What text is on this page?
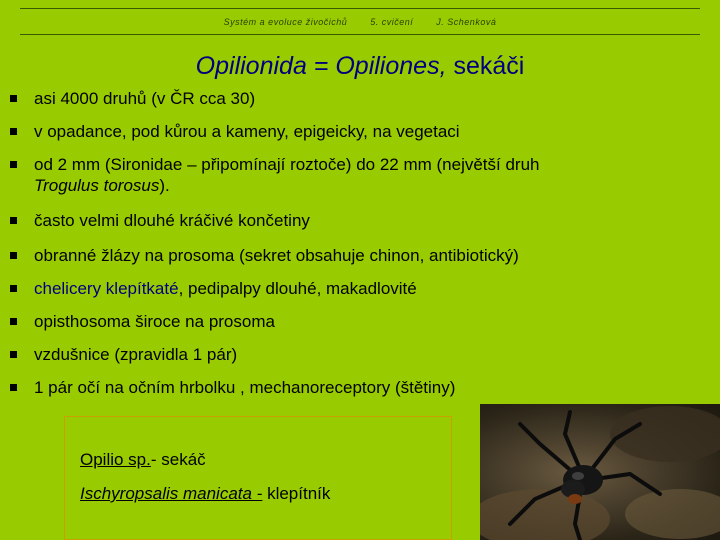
Systém a evoluce živočichů	5. cvičení	J. Schenková
Opilionida = Opiliones, sekáči
asi 4000 druhů (v ČR cca 30)
v opadance, pod kůrou a kameny, epigeicky, na vegetaci
od 2 mm (Sironidae – připomínají roztoče) do 22 mm (největší druh
Trogulus torosus).
často velmi dlouhé kráčivé končetiny
obranné žlázy na prosoma (sekret obsahuje chinon, antibiotický)
chelicery klepítkaté, pedipalpy dlouhé, makadlovité
opisthosoma široce na prosoma
vzdušnice (zpravidla 1 pár)
1 pár očí na očním hrbolku , mechanoreceptory (štětiny)
Opilio sp.- sekáč
Ischyropsalis manicata - klepítník
